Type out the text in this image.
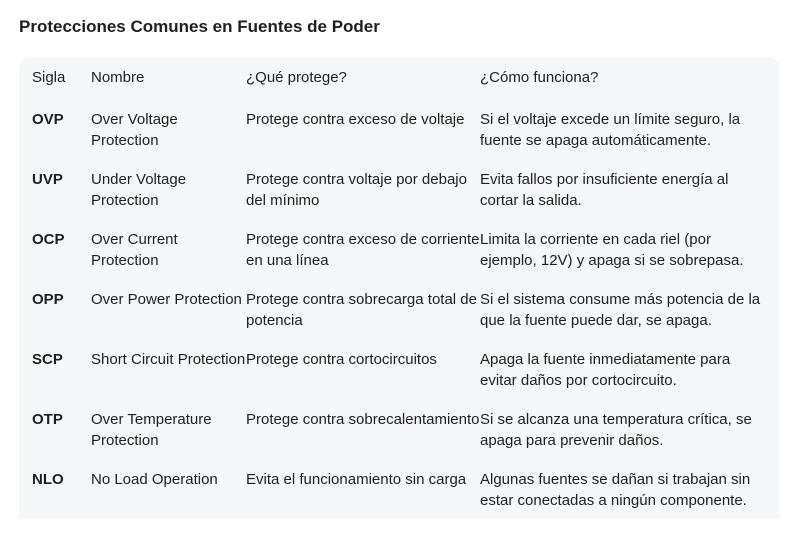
Protecciones Comunes en Fuentes de Poder
Sigla	Nombre	¿Qué protege?	¿Cómo funciona?
OVP	Over Voltage Protection	Protege contra exceso de voltaje	Si el voltaje excede un límite seguro, la fuente se apaga automáticamente.
UVP	Under Voltage Protection	Protege contra voltaje por debajo del mínimo	Evita fallos por insuficiente energía al cortar la salida.
OCP	Over Current Protection	Protege contra exceso de corriente en una línea	Limita la corriente en cada riel (por ejemplo, 12V) y apaga si se sobrepasa.
OPP	Over Power Protection	Protege contra sobrecarga total de potencia	Si el sistema consume más potencia de la que la fuente puede dar, se apaga.
SCP	Short Circuit Protection	Protege contra cortocircuitos	Apaga la fuente inmediatamente para evitar daños por cortocircuito.
OTP	Over Temperature Protection	Protege contra sobrecalentamiento	Si se alcanza una temperatura crítica, se apaga para prevenir daños.
NLO	No Load Operation	Evita el funcionamiento sin carga	Algunas fuentes se dañan si trabajan sin estar conectadas a ningún componente.
